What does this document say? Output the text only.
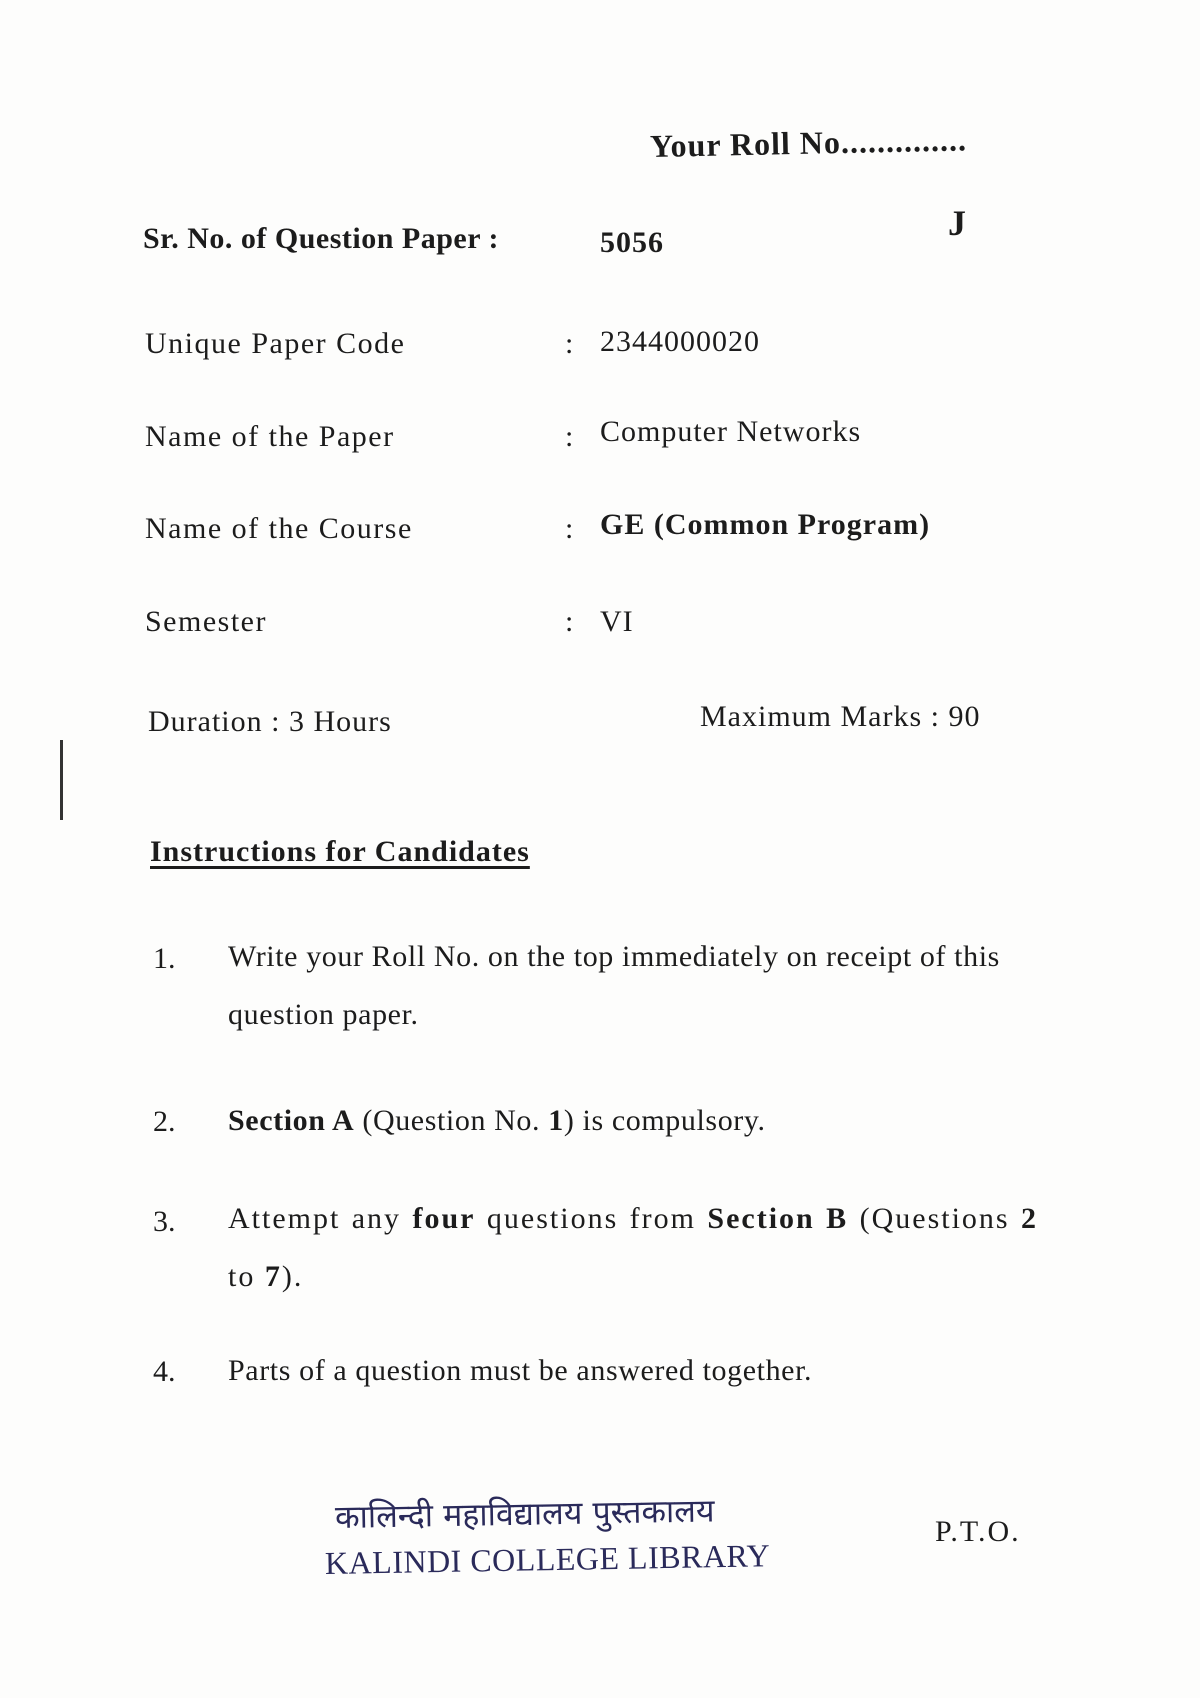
Your Roll No..............
J
Sr. No. of Question Paper :	5056
Unique Paper Code	: 2344000020
Name of the Paper	: Computer Networks
Name of the Course	: GE (Common Program)
Semester	: VI
Duration : 3 Hours	Maximum Marks : 90
Instructions for Candidates
1. Write your Roll No. on the top immediately on receipt of this question paper.
2. Section A (Question No. 1) is compulsory.
3. Attempt any four questions from Section B (Questions 2 to 7).
4. Parts of a question must be answered together.
कालिन्दी महाविद्यालय पुस्तकालय
KALINDI COLLEGE LIBRARY
P.T.O.
